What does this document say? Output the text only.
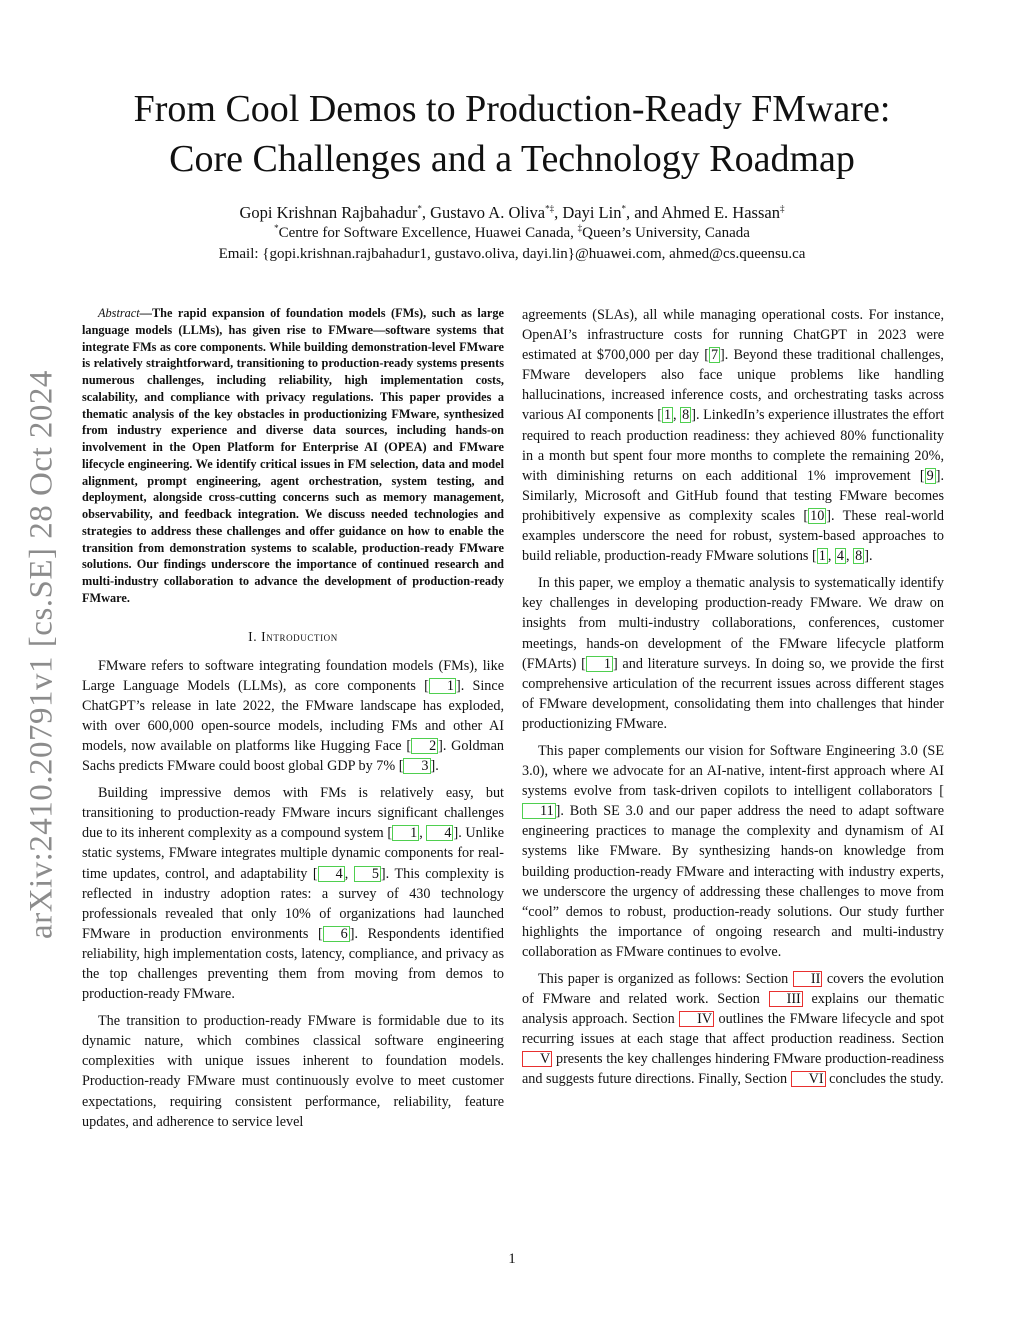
arXiv:2410.20791v1 [cs.SE] 28 Oct 2024
From Cool Demos to Production-Ready FMware:
Core Challenges and a Technology Roadmap
Gopi Krishnan Rajbahadur*, Gustavo A. Oliva*‡, Dayi Lin*, and Ahmed E. Hassan‡
*Centre for Software Excellence, Huawei Canada, ‡Queen’s University, Canada
Email: {gopi.krishnan.rajbahadur1, gustavo.oliva, dayi.lin}@huawei.com, ahmed@cs.queensu.ca

Abstract—The rapid expansion of foundation models (FMs), such as large language models (LLMs), has given rise to FMware—software systems that integrate FMs as core components. While building demonstration-level FMware is relatively straightforward, transitioning to production-ready systems presents numerous challenges, including reliability, high implementation costs, scalability, and compliance with privacy regulations. This paper provides a thematic analysis of the key obstacles in productionizing FMware, synthesized from industry experience and diverse data sources, including hands-on involvement in the Open Platform for Enterprise AI (OPEA) and FMware lifecycle engineering. We identify critical issues in FM selection, data and model alignment, prompt engineering, agent orchestration, system testing, and deployment, alongside cross-cutting concerns such as memory management, observability, and feedback integration. We discuss needed technologies and strategies to address these challenges and offer guidance on how to enable the transition from demonstration systems to scalable, production-ready FMware solutions. Our findings underscore the importance of continued research and multi-industry collaboration to advance the development of production-ready FMware.

I. Introduction

FMware refers to software integrating foundation models (FMs), like Large Language Models (LLMs), as core components [ 1 ]. Since ChatGPT’s release in late 2022, the FMware landscape has exploded, with over 600,000 open-source models, including FMs and other AI models, now available on platforms like Hugging Face [ 2 ]. Goldman Sachs predicts FMware could boost global GDP by 7% [ 3 ].

Building impressive demos with FMs is relatively easy, but transitioning to production-ready FMware incurs significant challenges due to its inherent complexity as a compound system [ 1 , 4 ]. Unlike static systems, FMware integrates multiple dynamic components for real-time updates, control, and adaptability [ 4 , 5 ]. This complexity is reflected in industry adoption rates: a survey of 430 technology professionals revealed that only 10% of organizations had launched FMware in production environments [ 6 ]. Respondents identified reliability, high implementation costs, latency, compliance, and privacy as the top challenges preventing them from moving from demos to production-ready FMware.

The transition to production-ready FMware is formidable due to its dynamic nature, which combines classical software engineering complexities with unique issues inherent to foundation models. Production-ready FMware must continuously evolve to meet customer expectations, requiring consistent performance, reliability, feature updates, and adherence to service level

agreements (SLAs), all while managing operational costs. For instance, OpenAI’s infrastructure costs for running ChatGPT in 2023 were estimated at $700,000 per day [ 7 ]. Beyond these traditional challenges, FMware developers also face unique problems like handling hallucinations, increased inference costs, and orchestrating tasks across various AI components [ 1 , 8 ]. LinkedIn’s experience illustrates the effort required to reach production readiness: they achieved 80% functionality in a month but spent four more months to complete the remaining 20%, with diminishing returns on each additional 1% improvement [ 9 ]. Similarly, Microsoft and GitHub found that testing FMware becomes prohibitively expensive as complexity scales [ 10 ]. These real-world examples underscore the need for robust, system-based approaches to build reliable, production-ready FMware solutions [ 1 , 4 , 8 ].

In this paper, we employ a thematic analysis to systematically identify key challenges in developing production-ready FMware. We draw on insights from multi-industry collaborations, conferences, customer meetings, hands-on development of the FMware lifecycle platform (FMArts) [ 1 ] and literature surveys. In doing so, we provide the first comprehensive articulation of the recurrent issues across different stages of FMware development, consolidating them into challenges that hinder productionizing FMware.

This paper complements our vision for Software Engineering 3.0 (SE 3.0), where we advocate for an AI-native, intent-first approach where AI systems evolve from task-driven copilots to intelligent collaborators [11 ]. Both SE 3.0 and our paper address the need to adapt software engineering practices to manage the complexity and dynamism of AI systems like FMware. By synthesizing hands-on knowledge from building production-ready FMware and interacting with industry experts, we underscore the urgency of addressing these challenges to move from “cool” demos to robust, production-ready solutions. Our study further highlights the importance of ongoing research and multi-industry collaboration as FMware continues to evolve.

This paper is organized as follows: Section II covers the evolution of FMware and related work. Section III explains our thematic analysis approach. Section IV outlines the FMware lifecycle and spot recurring issues at each stage that affect production readiness. Section V presents the key challenges hindering FMware production-readiness and suggests future directions. Finally, Section VI concludes the study.

1
